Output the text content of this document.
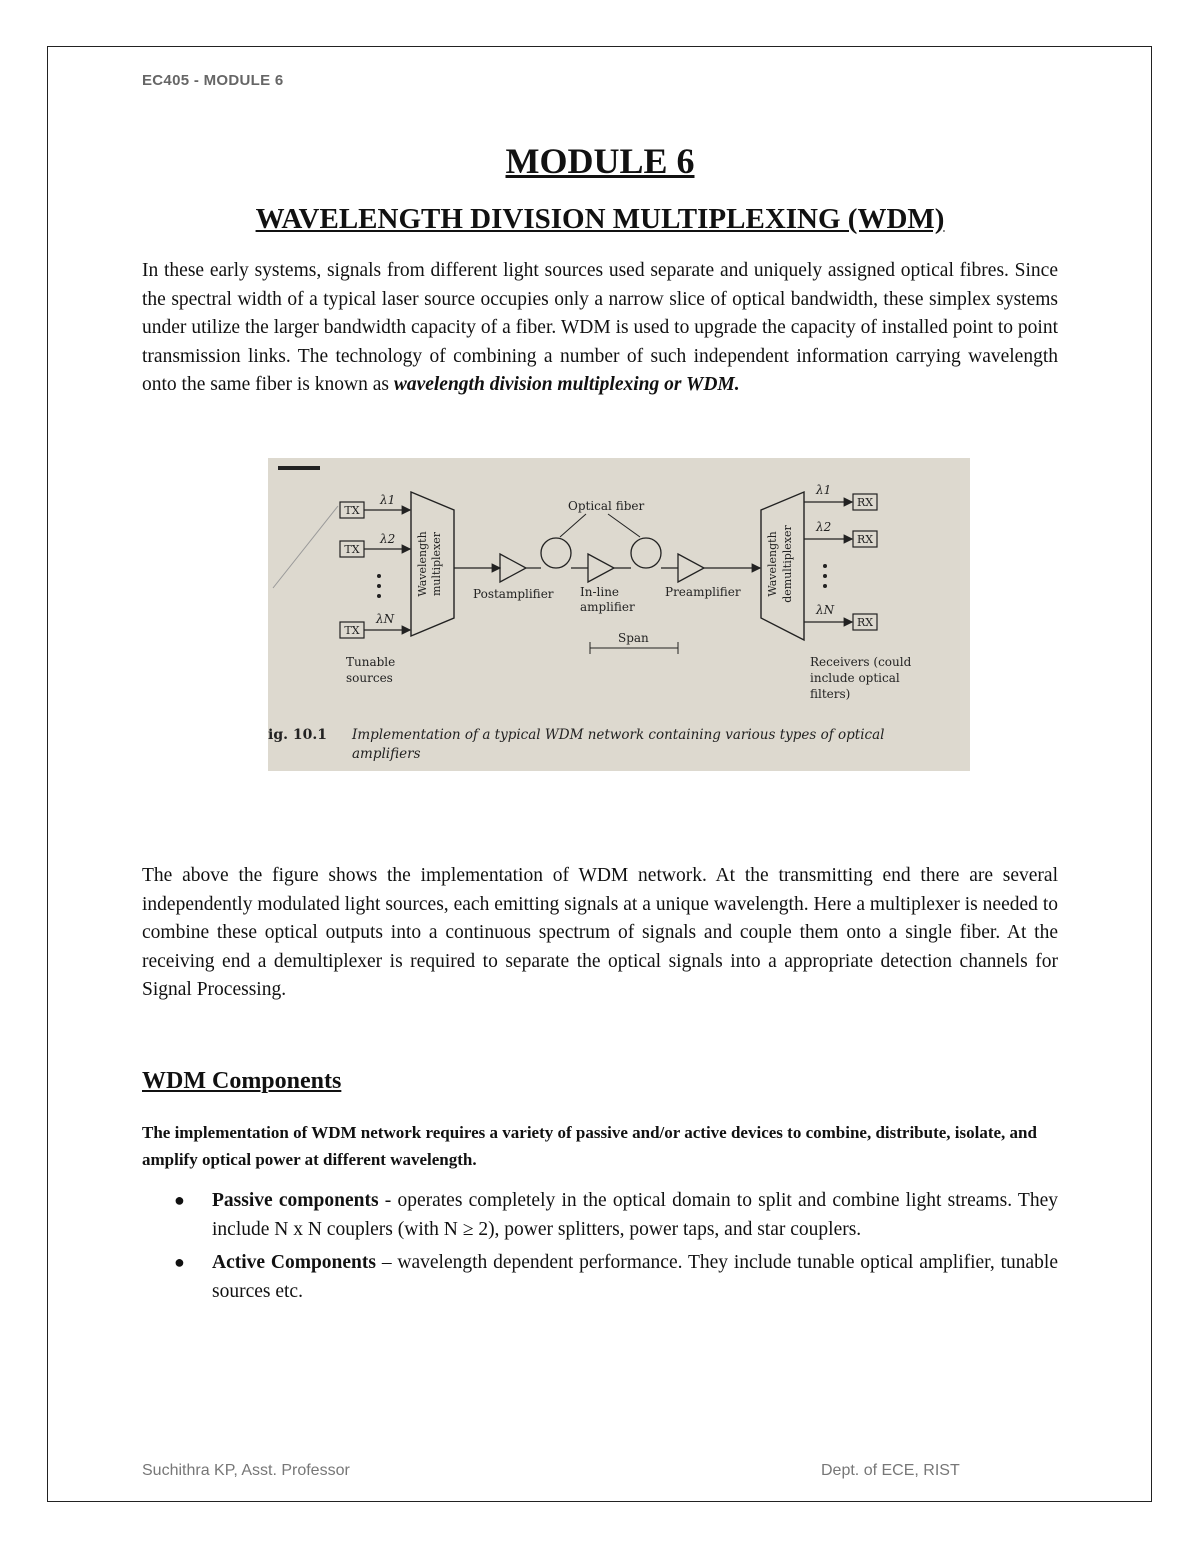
EC405 - MODULE 6
MODULE 6
WAVELENGTH DIVISION MULTIPLEXING (WDM)

In these early systems, signals from different light sources used separate and uniquely assigned optical fibres. Since the spectral width of a typical laser source occupies only a narrow slice of optical bandwidth, these simplex systems under utilize the larger bandwidth capacity of a fiber. WDM is used to upgrade the capacity of installed point to point transmission links. The technology of combining a number of such independent information carrying wavelength onto the same fiber is known as wavelength division multiplexing or WDM.

TX
TX
TX
λ1
λ2
λN
Wavelength multiplexer
Optical fiber
Postamplifier In-line
amplifier
Preamplifier
Span
Wavelength demultiplexer
λ1
λ2
λN
RX
RX
RX
Tunable
sources
Receivers (could
include optical
filters)
ig. 10.1 Implementation of a typical WDM network containing various types of optical
amplifiers

The above the figure shows the implementation of WDM network. At the transmitting end there are several independently modulated light sources, each emitting signals at a unique wavelength. Here a multiplexer is needed to combine these optical outputs into a continuous spectrum of signals and couple them onto a single fiber. At the receiving end a demultiplexer is required to separate the optical signals into a appropriate detection channels for Signal Processing.

WDM Components

The implementation of WDM network requires a variety of passive and/or active devices to combine, distribute, isolate, and amplify optical power at different wavelength.

● Passive components - operates completely in the optical domain to split and combine light streams. They include N x N couplers (with N ≥ 2), power splitters, power taps, and star couplers.
● Active Components – wavelength dependent performance. They include tunable optical amplifier, tunable sources etc.
Suchithra KP, Asst. Professor	Dept. of ECE, RIST
